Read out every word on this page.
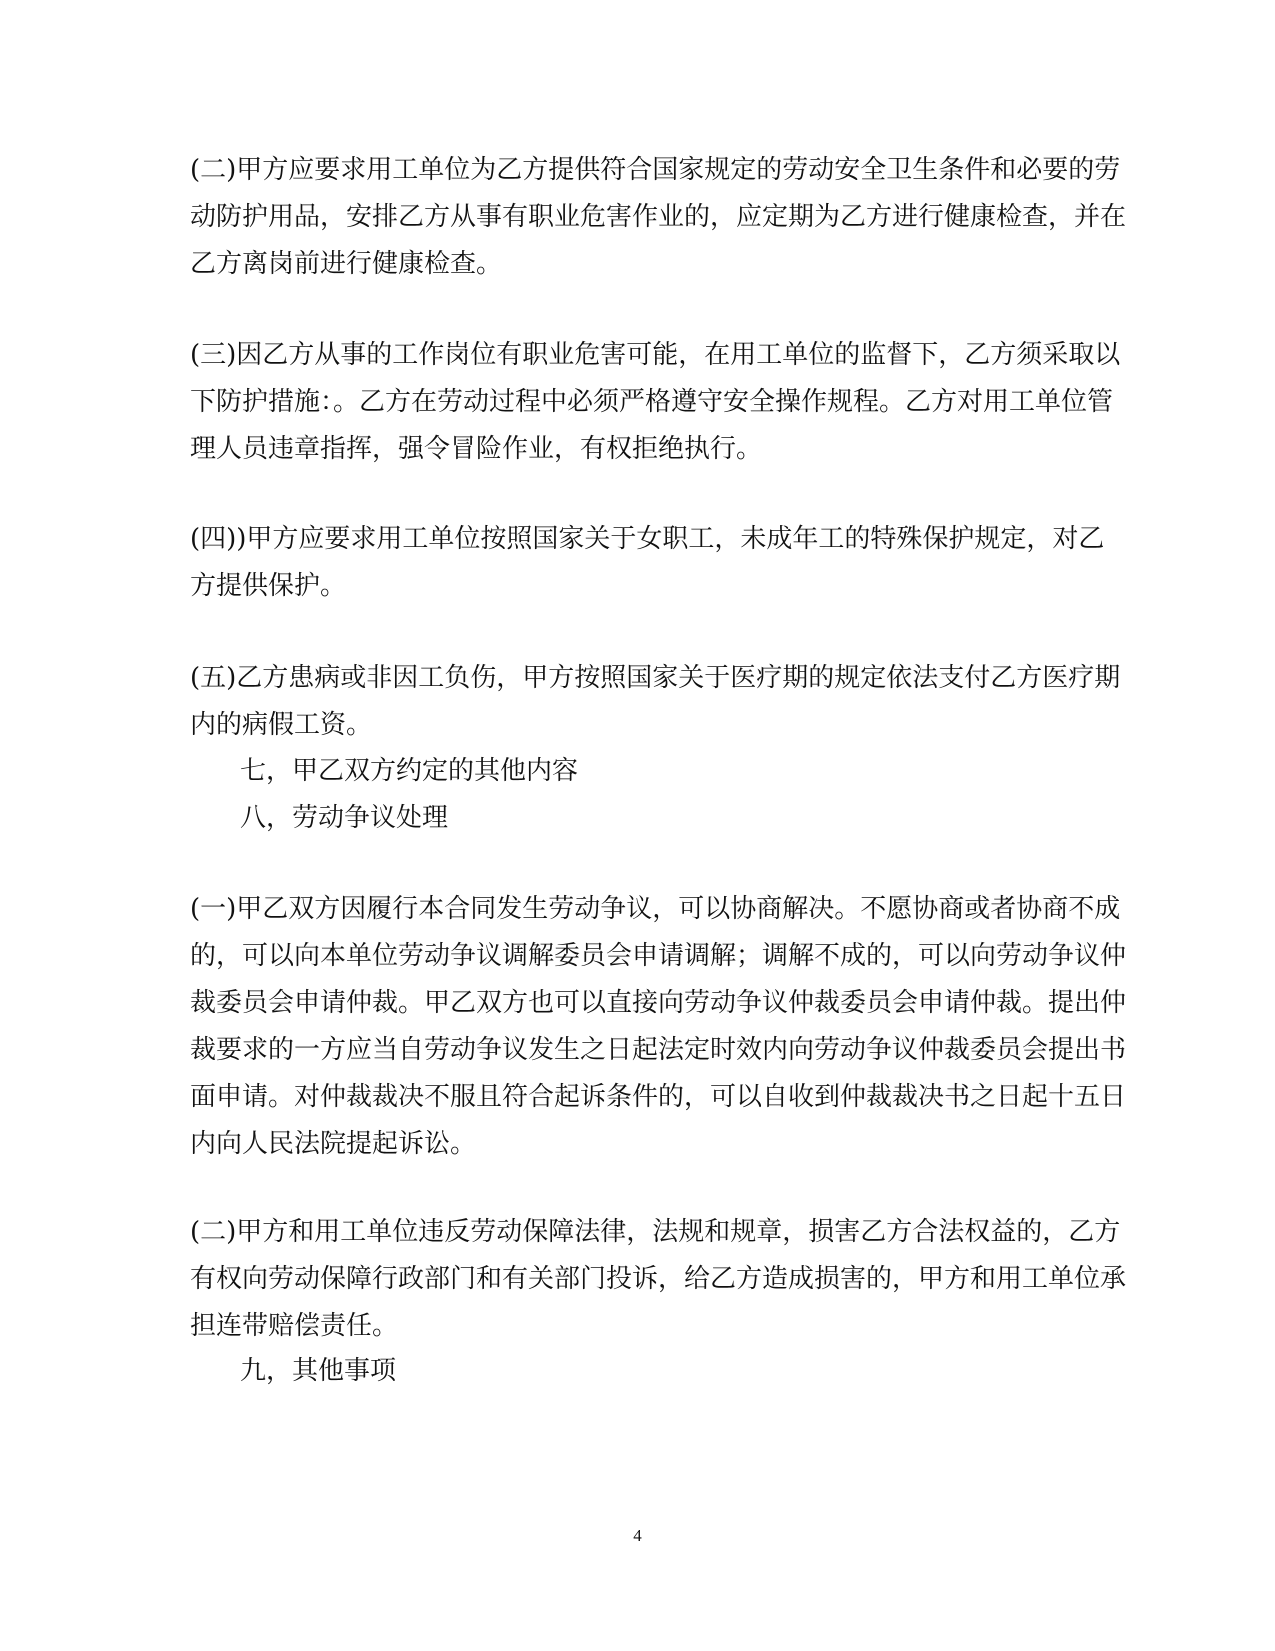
(二)甲方应要求用工单位为乙方提供符合国家规定的劳动安全卫生条件和必要的劳
动防护用品，安排乙方从事有职业危害作业的，应定期为乙方进行健康检查，并在
乙方离岗前进行健康检查。

(三)因乙方从事的工作岗位有职业危害可能，在用工单位的监督下，乙方须采取以
下防护措施：。乙方在劳动过程中必须严格遵守安全操作规程。乙方对用工单位管
理人员违章指挥，强令冒险作业，有权拒绝执行。

(四))甲方应要求用工单位按照国家关于女职工，未成年工的特殊保护规定，对乙
方提供保护。

(五)乙方患病或非因工负伤，甲方按照国家关于医疗期的规定依法支付乙方医疗期
内的病假工资。

七，甲乙双方约定的其他内容

八，劳动争议处理

(一)甲乙双方因履行本合同发生劳动争议，可以协商解决。不愿协商或者协商不成
的，可以向本单位劳动争议调解委员会申请调解；调解不成的，可以向劳动争议仲
裁委员会申请仲裁。甲乙双方也可以直接向劳动争议仲裁委员会申请仲裁。提出仲
裁要求的一方应当自劳动争议发生之日起法定时效内向劳动争议仲裁委员会提出书
面申请。对仲裁裁决不服且符合起诉条件的，可以自收到仲裁裁决书之日起十五日
内向人民法院提起诉讼。

(二)甲方和用工单位违反劳动保障法律，法规和规章，损害乙方合法权益的，乙方
有权向劳动保障行政部门和有关部门投诉，给乙方造成损害的，甲方和用工单位承
担连带赔偿责任。

九，其他事项

4
